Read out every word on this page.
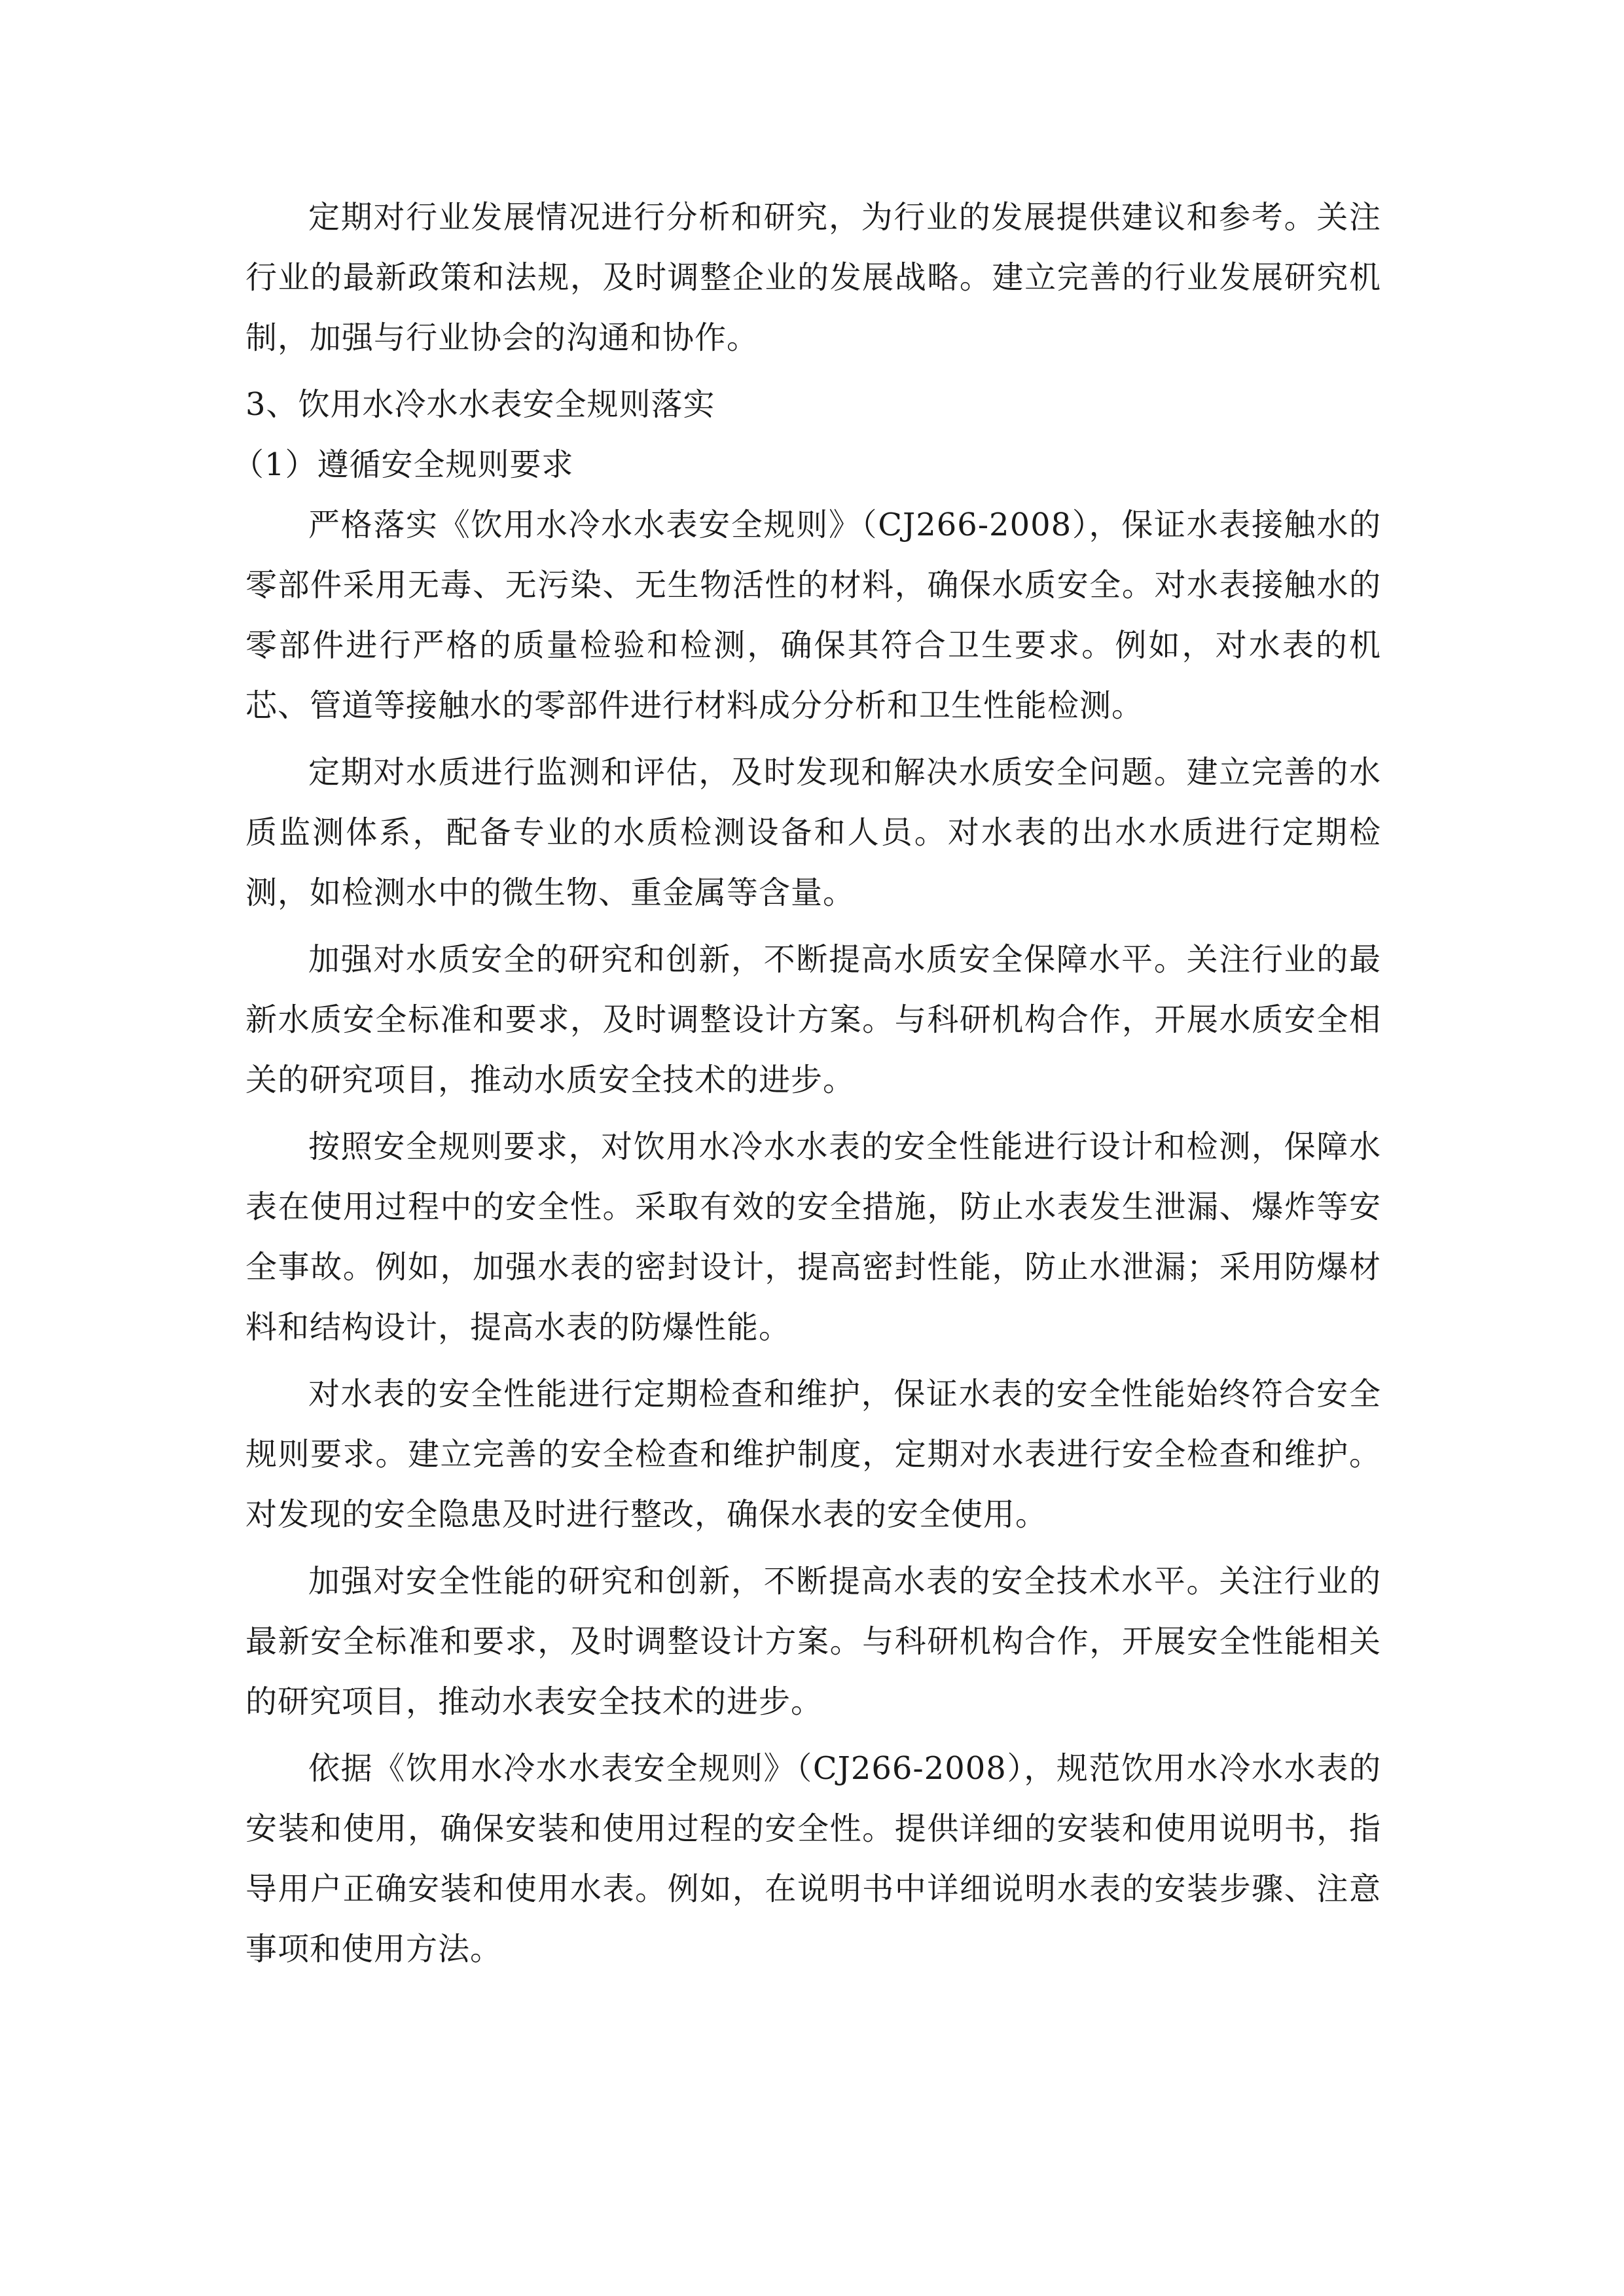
定期对行业发展情况进行分析和研究，为行业的发展提供建议和参考。关注行业的最新政策和法规，及时调整企业的发展战略。建立完善的行业发展研究机制，加强与行业协会的沟通和协作。

3、饮用水冷水水表安全规则落实

（1）遵循安全规则要求

严格落实《饮用水冷水水表安全规则》（CJ266-2008），保证水表接触水的零部件采用无毒、无污染、无生物活性的材料，确保水质安全。对水表接触水的零部件进行严格的质量检验和检测，确保其符合卫生要求。例如，对水表的机芯、管道等接触水的零部件进行材料成分分析和卫生性能检测。

定期对水质进行监测和评估，及时发现和解决水质安全问题。建立完善的水质监测体系，配备专业的水质检测设备和人员。对水表的出水水质进行定期检测，如检测水中的微生物、重金属等含量。

加强对水质安全的研究和创新，不断提高水质安全保障水平。关注行业的最新水质安全标准和要求，及时调整设计方案。与科研机构合作，开展水质安全相关的研究项目，推动水质安全技术的进步。

按照安全规则要求，对饮用水冷水水表的安全性能进行设计和检测，保障水表在使用过程中的安全性。采取有效的安全措施，防止水表发生泄漏、爆炸等安全事故。例如，加强水表的密封设计，提高密封性能，防止水泄漏；采用防爆材料和结构设计，提高水表的防爆性能。

对水表的安全性能进行定期检查和维护，保证水表的安全性能始终符合安全规则要求。建立完善的安全检查和维护制度，定期对水表进行安全检查和维护。对发现的安全隐患及时进行整改，确保水表的安全使用。

加强对安全性能的研究和创新，不断提高水表的安全技术水平。关注行业的最新安全标准和要求，及时调整设计方案。与科研机构合作，开展安全性能相关的研究项目，推动水表安全技术的进步。

依据《饮用水冷水水表安全规则》（CJ266-2008），规范饮用水冷水水表的安装和使用，确保安装和使用过程的安全性。提供详细的安装和使用说明书，指导用户正确安装和使用水表。例如，在说明书中详细说明水表的安装步骤、注意事项和使用方法。
